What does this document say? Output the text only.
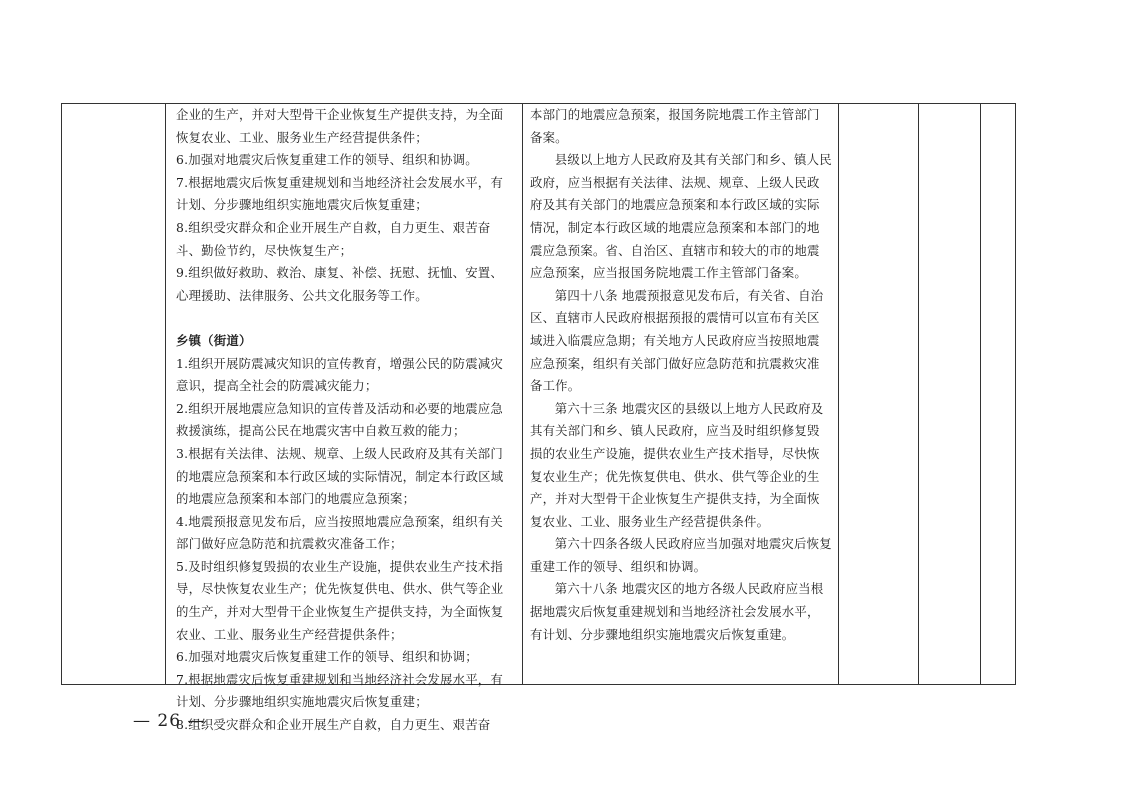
企业的生产，并对大型骨干企业恢复生产提供支持，为全面恢复农业、工业、服务业生产经营提供条件；

6.加强对地震灾后恢复重建工作的领导、组织和协调。

7.根据地震灾后恢复重建规划和当地经济社会发展水平，有计划、分步骤地组织实施地震灾后恢复重建；

8.组织受灾群众和企业开展生产自救，自力更生、艰苦奋斗、勤俭节约，尽快恢复生产；

9.组织做好救助、救治、康复、补偿、抚慰、抚恤、安置、心理援助、法律服务、公共文化服务等工作。

乡镇（街道）

1.组织开展防震减灾知识的宣传教育，增强公民的防震减灾意识，提高全社会的防震减灾能力；

2.组织开展地震应急知识的宣传普及活动和必要的地震应急救援演练，提高公民在地震灾害中自救互救的能力；

3.根据有关法律、法规、规章、上级人民政府及其有关部门的地震应急预案和本行政区域的实际情况，制定本行政区域的地震应急预案和本部门的地震应急预案；

4.地震预报意见发布后，应当按照地震应急预案，组织有关部门做好应急防范和抗震救灾准备工作；

5.及时组织修复毁损的农业生产设施，提供农业生产技术指导，尽快恢复农业生产；优先恢复供电、供水、供气等企业的生产，并对大型骨干企业恢复生产提供支持，为全面恢复农业、工业、服务业生产经营提供条件；

6.加强对地震灾后恢复重建工作的领导、组织和协调；

7.根据地震灾后恢复重建规划和当地经济社会发展水平，有计划、分步骤地组织实施地震灾后恢复重建；

8.组织受灾群众和企业开展生产自救，自力更生、艰苦奋

本部门的地震应急预案，报国务院地震工作主管部门备案。

县级以上地方人民政府及其有关部门和乡、镇人民政府，应当根据有关法律、法规、规章、上级人民政府及其有关部门的地震应急预案和本行政区域的实际情况，制定本行政区域的地震应急预案和本部门的地震应急预案。省、自治区、直辖市和较大的市的地震应急预案，应当报国务院地震工作主管部门备案。

第四十八条 地震预报意见发布后，有关省、自治区、直辖市人民政府根据预报的震情可以宣布有关区域进入临震应急期；有关地方人民政府应当按照地震应急预案，组织有关部门做好应急防范和抗震救灾准备工作。

第六十三条 地震灾区的县级以上地方人民政府及其有关部门和乡、镇人民政府，应当及时组织修复毁损的农业生产设施，提供农业生产技术指导，尽快恢复农业生产；优先恢复供电、供水、供气等企业的生产，并对大型骨干企业恢复生产提供支持，为全面恢复农业、工业、服务业生产经营提供条件。

第六十四条各级人民政府应当加强对地震灾后恢复重建工作的领导、组织和协调。

第六十八条 地震灾区的地方各级人民政府应当根据地震灾后恢复重建规划和当地经济社会发展水平，有计划、分步骤地组织实施地震灾后恢复重建。

— 26 —
